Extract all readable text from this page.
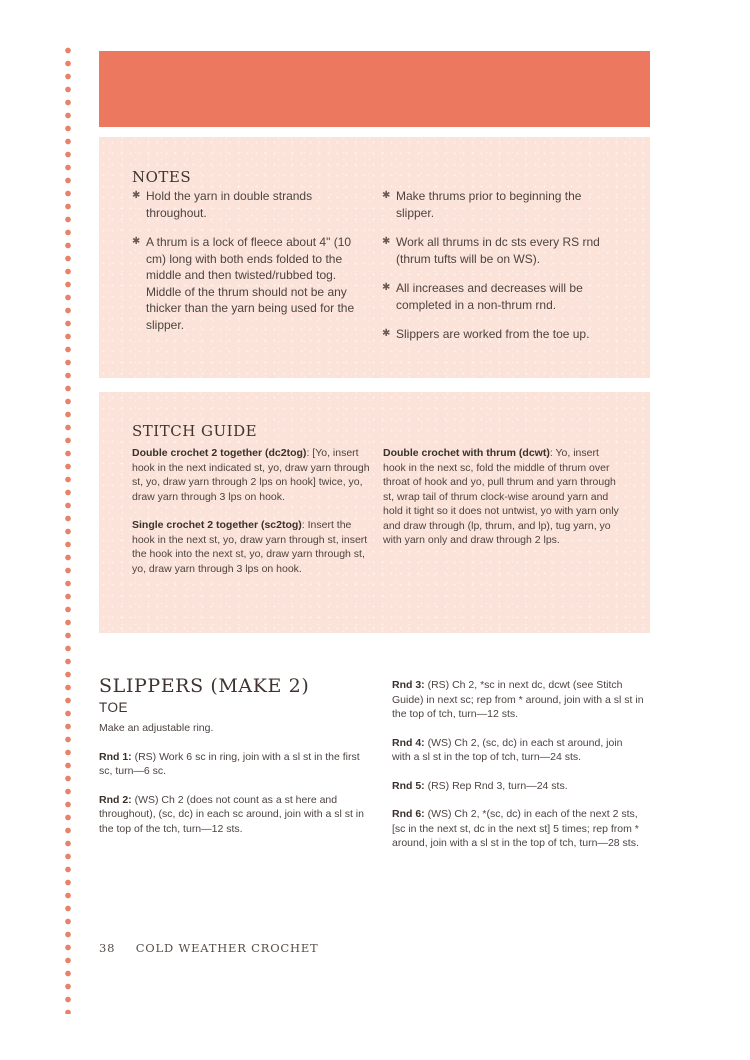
NOTES
✱ Hold the yarn in double strands throughout.
✱ A thrum is a lock of fleece about 4" (10 cm) long with both ends folded to the middle and then twisted/rubbed tog. Middle of the thrum should not be any thicker than the yarn being used for the slipper.
✱ Make thrums prior to beginning the slipper.
✱ Work all thrums in dc sts every RS rnd (thrum tufts will be on WS).
✱ All increases and decreases will be completed in a non-thrum rnd.
✱ Slippers are worked from the toe up.
STITCH GUIDE

Double crochet 2 together (dc2tog): [Yo, insert hook in the next indicated st, yo, draw yarn through st, yo, draw yarn through 2 lps on hook] twice, yo, draw yarn through 3 lps on hook.

Single crochet 2 together (sc2tog): Insert the hook in the next st, yo, draw yarn through st, insert the hook into the next st, yo, draw yarn through st, yo, draw yarn through 3 lps on hook.

Double crochet with thrum (dcwt): Yo, insert hook in the next sc, fold the middle of thrum over throat of hook and yo, pull thrum and yarn through st, wrap tail of thrum clock-wise around yarn and hold it tight so it does not untwist, yo with yarn only and draw through (lp, thrum, and lp), tug yarn, yo with yarn only and draw through 2 lps.

SLIPPERS (MAKE 2)
TOE

Make an adjustable ring.

Rnd 1: (RS) Work 6 sc in ring, join with a sl st in the first sc, turn—6 sc.

Rnd 2: (WS) Ch 2 (does not count as a st here and throughout), (sc, dc) in each sc around, join with a sl st in the top of the tch, turn—12 sts.

Rnd 3: (RS) Ch 2, *sc in next dc, dcwt (see Stitch Guide) in next sc; rep from * around, join with a sl st in the top of tch, turn—12 sts.

Rnd 4: (WS) Ch 2, (sc, dc) in each st around, join with a sl st in the top of tch, turn—24 sts.

Rnd 5: (RS) Rep Rnd 3, turn—24 sts.

Rnd 6: (WS) Ch 2, *(sc, dc) in each of the next 2 sts, [sc in the next st, dc in the next st] 5 times; rep from * around, join with a sl st in the top of tch, turn—28 sts.

38 COLD WEATHER CROCHET
